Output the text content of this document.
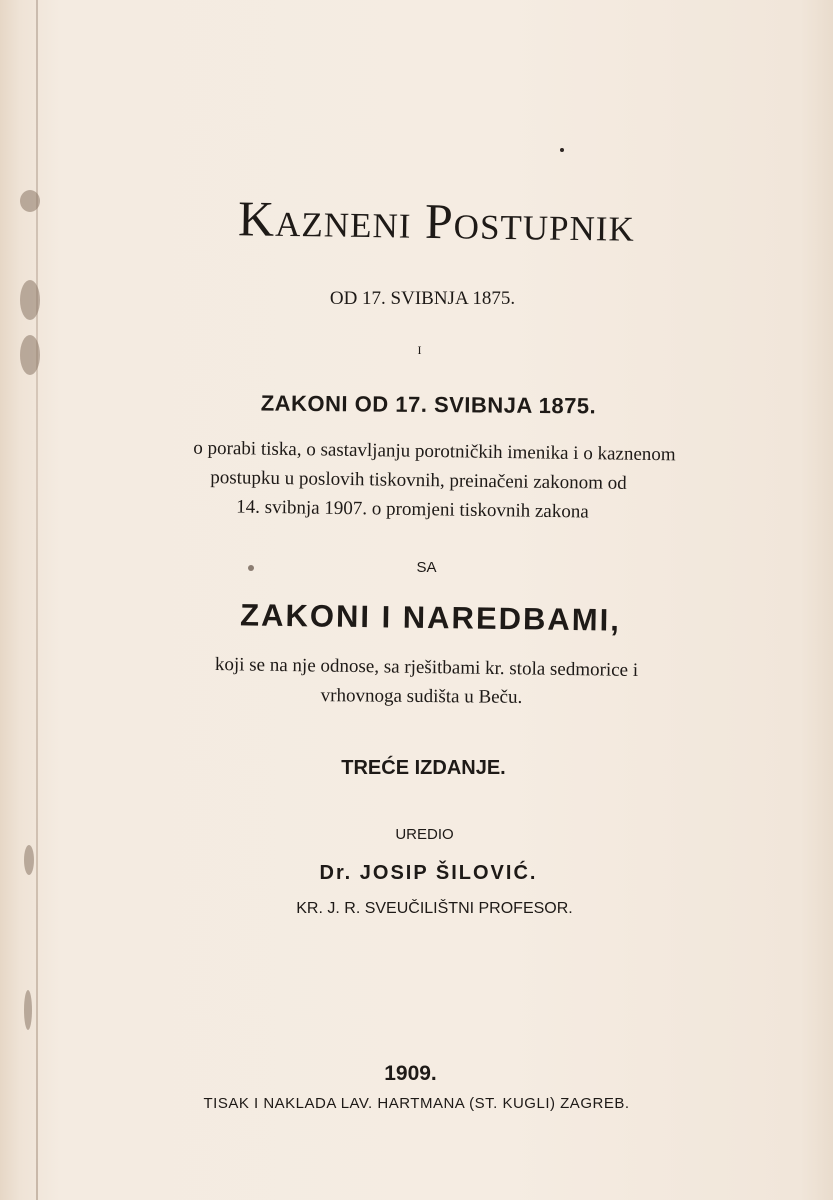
Kazneni Postupnik
OD 17. SVIBNJA 1875.
I
ZAKONI OD 17. SVIBNJA 1875.
o porabi tiska, o sastavljanju porotničkih imenika i o kaznenom
postupku u poslovih tiskovnih, preinačeni zakonom od
14. svibnja 1907. o promjeni tiskovnih zakona
SA
ZAKONI I NAREDBAMI,
koji se na nje odnose, sa rješitbami kr. stola sedmorice i
vrhovnoga sudišta u Beču.
TREĆE IZDANJE.
UREDIO
Dr. JOSIP ŠILOVIĆ.
KR. J. R. SVEUČILIŠTNI PROFESOR.
1909.
TISAK I NAKLADA LAV. HARTMANA (ST. KUGLI) ZAGREB.
